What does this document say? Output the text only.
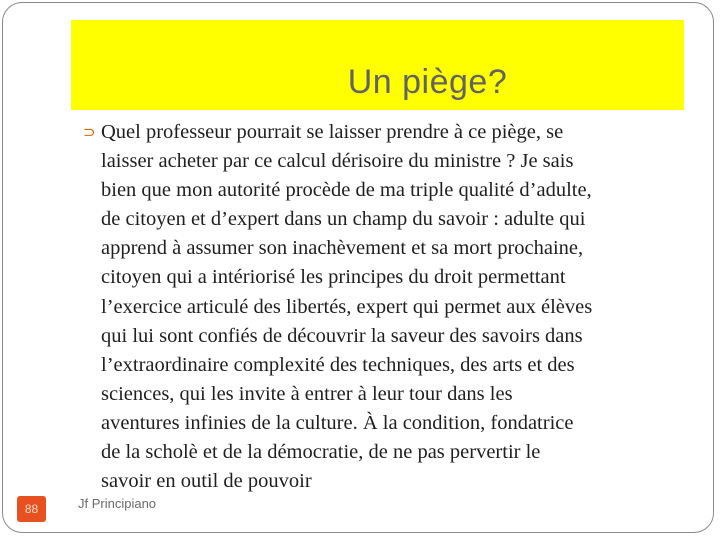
Un piège?
⊃ Quel professeur pourrait se laisser prendre à ce piège, se
laisser acheter par ce calcul dérisoire du ministre ? Je sais
bien que mon autorité procède de ma triple qualité d’adulte,
de citoyen et d’expert dans un champ du savoir : adulte qui
apprend à assumer son inachèvement et sa mort prochaine,
citoyen qui a intériorisé les principes du droit permettant
l’exercice articulé des libertés, expert qui permet aux élèves
qui lui sont confiés de découvrir la saveur des savoirs dans
l’extraordinaire complexité des techniques, des arts et des
sciences, qui les invite à entrer à leur tour dans les
aventures infinies de la culture. À la condition, fondatrice
de la scholè et de la démocratie, de ne pas pervertir le
savoir en outil de pouvoir
88	Jf Principiano
